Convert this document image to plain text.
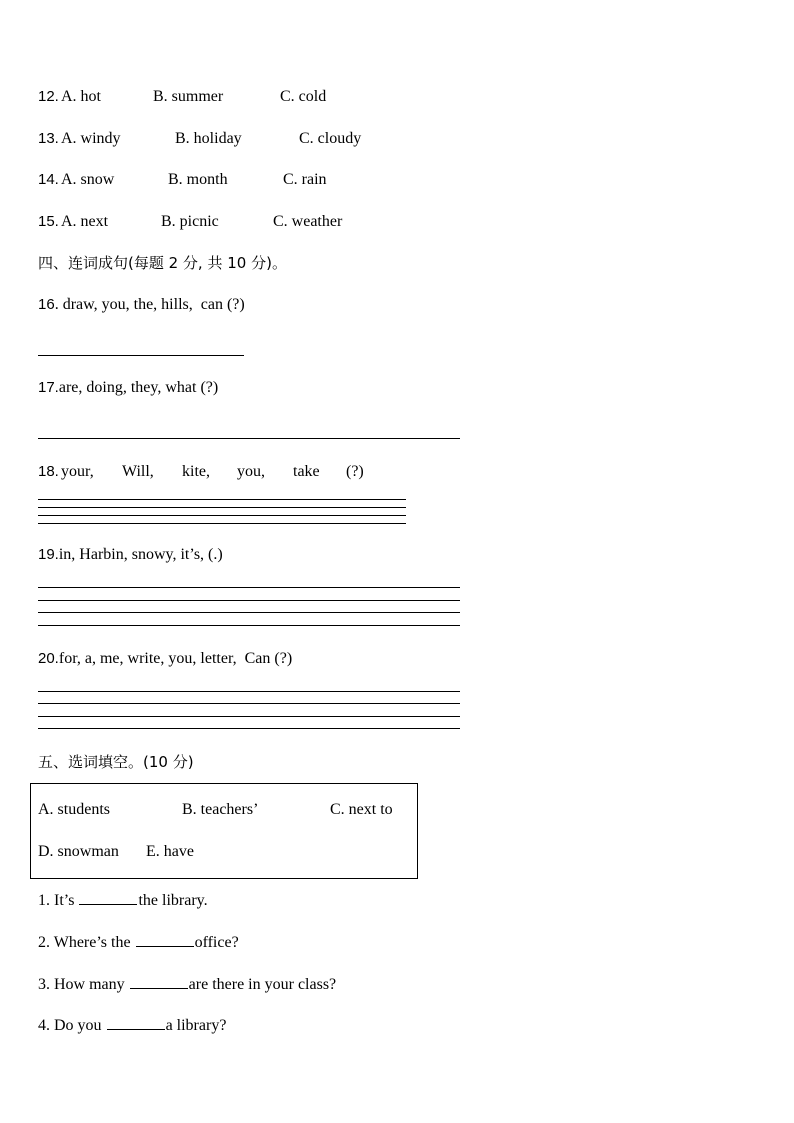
12. A. hot	B. summer	C. cold
13. A. windy	B. holiday	C. cloudy
14. A. snow	B. month	C. rain
15. A. next	B. picnic	C. weather
四、连词成句(每题 2 分, 共 10 分)。
16. draw, you, the, hills,  can (?)
17.are, doing, they, what (?)
18. your, Will, kite, you, take (?)
19.in, Harbin, snowy, it’s, (.)
20.for, a, me, write, you, letter,  Can (?)
五、选词填空。(10 分)
A. students	B. teachers’	C. next to
D. snowman E. have
1. It’s	the library.
2. Where’s the	office?
3. How many	are there in your class?
4. Do you	a library?
